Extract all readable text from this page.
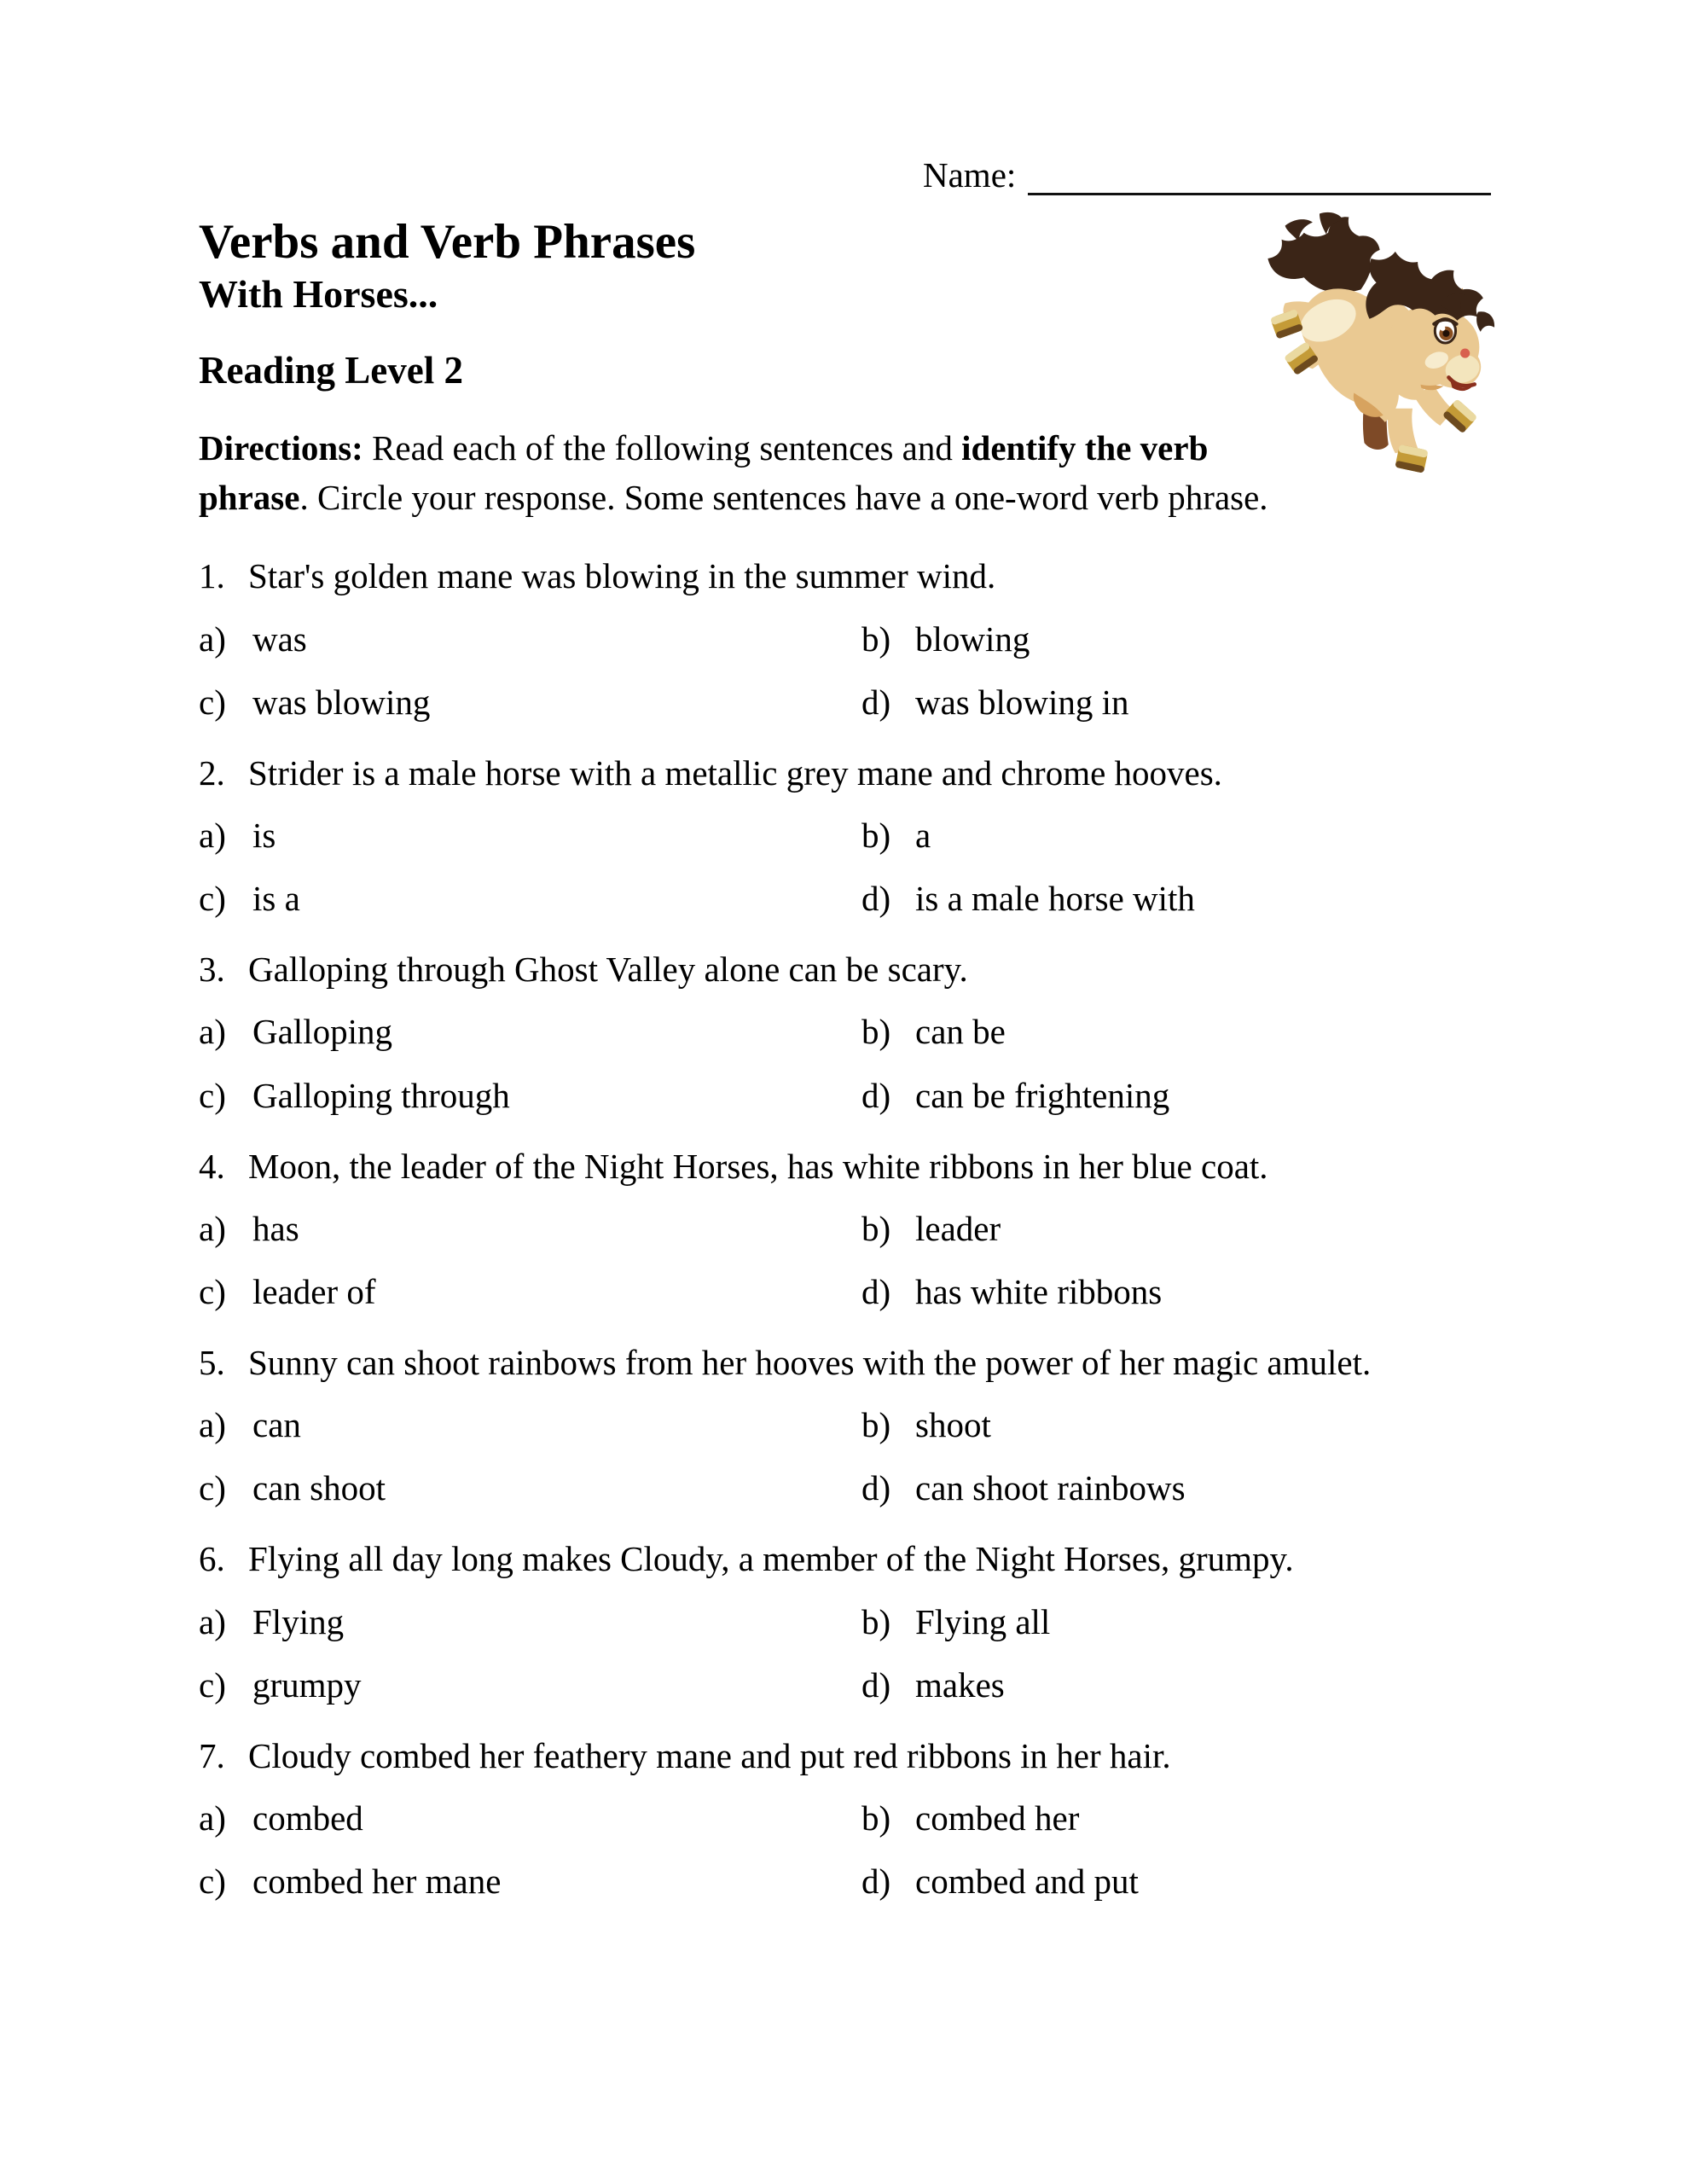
Name:
Verbs and Verb Phrases
With Horses...
Reading Level 2

Directions: Read each of the following sentences and identify the verb
phrase. Circle your response. Some sentences have a one-word verb phrase.

1. Star's golden mane was blowing in the summer wind.
a) was	b) blowing
c) was blowing	d) was blowing in
2. Strider is a male horse with a metallic grey mane and chrome hooves.
a) is	b) a
c) is a	d) is a male horse with
3. Galloping through Ghost Valley alone can be scary.
a) Galloping	b) can be
c) Galloping through	d) can be frightening
4. Moon, the leader of the Night Horses, has white ribbons in her blue coat.
a) has	b) leader
c) leader of	d) has white ribbons
5. Sunny can shoot rainbows from her hooves with the power of her magic amulet.
a) can	b) shoot
c) can shoot	d) can shoot rainbows
6. Flying all day long makes Cloudy, a member of the Night Horses, grumpy.
a) Flying	b) Flying all
c) grumpy	d) makes
7. Cloudy combed her feathery mane and put red ribbons in her hair.
a) combed	b) combed her
c) combed her mane	d) combed and put
